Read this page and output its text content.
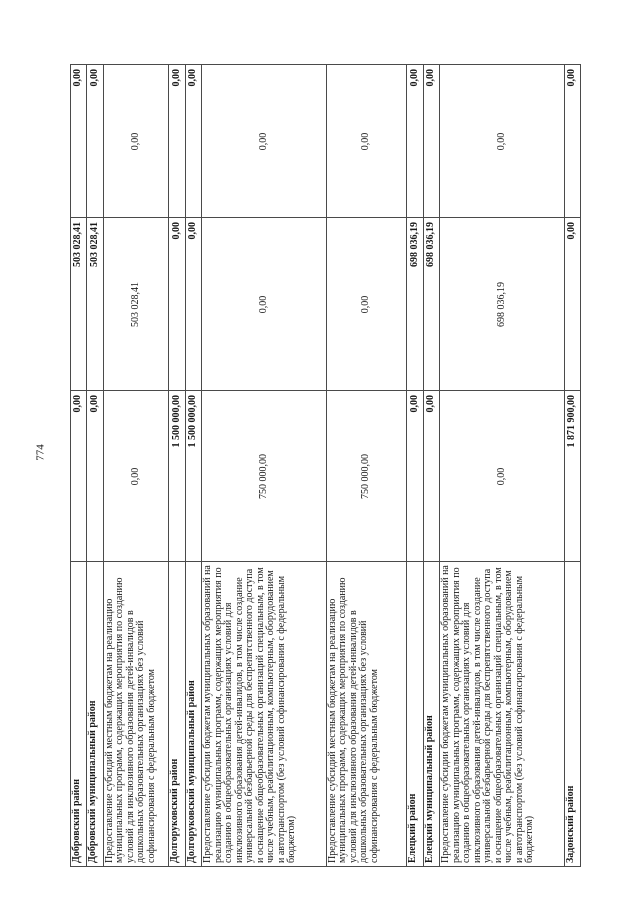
774
Добровский район	0,00	503 028,41	0,00
Добровский муниципальный район	0,00	503 028,41	0,00
Предоставление субсидий местным бюджетам на реализацию муниципальных программ, содержащих мероприятия по созданию условий для инклюзивного образования детей-инвалидов в дошкольных образовательных организациях без условий софинансирования с федеральным бюджетом	0,00	503 028,41	0,00
Долгоруковский район	1 500 000,00	0,00	0,00
Долгоруковский муниципальный район	1 500 000,00	0,00	0,00
Предоставление субсидии бюджетам муниципальных образований на реализацию муниципальных программ, содержащих мероприятия по созданию в общеобразовательных организациях условий для инклюзивного образования детей-инвалидов, в том числе создание универсальной безбарьерной среды для беспрепятственного доступа и оснащение общеобразовательных организаций специальным, в том числе учебным, реабилитационным, компьютерным, оборудованием и автотранспортом (без условий софинансирования с федеральным бюджетом)	750 000,00	0,00	0,00
Предоставление субсидий местным бюджетам на реализацию муниципальных программ, содержащих мероприятия по созданию условий для инклюзивного образования детей-инвалидов в дошкольных образовательных организациях без условий софинансирования с федеральным бюджетом	750 000,00	0,00	0,00
Елецкий район	0,00	698 036,19	0,00
Елецкий муниципальный район	0,00	698 036,19	0,00
Предоставление субсидии бюджетам муниципальных образований на реализацию муниципальных программ, содержащих мероприятия по созданию в общеобразовательных организациях условий для инклюзивного образования детей-инвалидов, в том числе создание универсальной безбарьерной среды для беспрепятственного доступа и оснащение общеобразовательных организаций специальным, в том числе учебным, реабилитационным, компьютерным, оборудованием и автотранспортом (без условий софинансирования с федеральным бюджетом)	0,00	698 036,19	0,00
Задонский район	1 871 900,00	0,00	0,00
